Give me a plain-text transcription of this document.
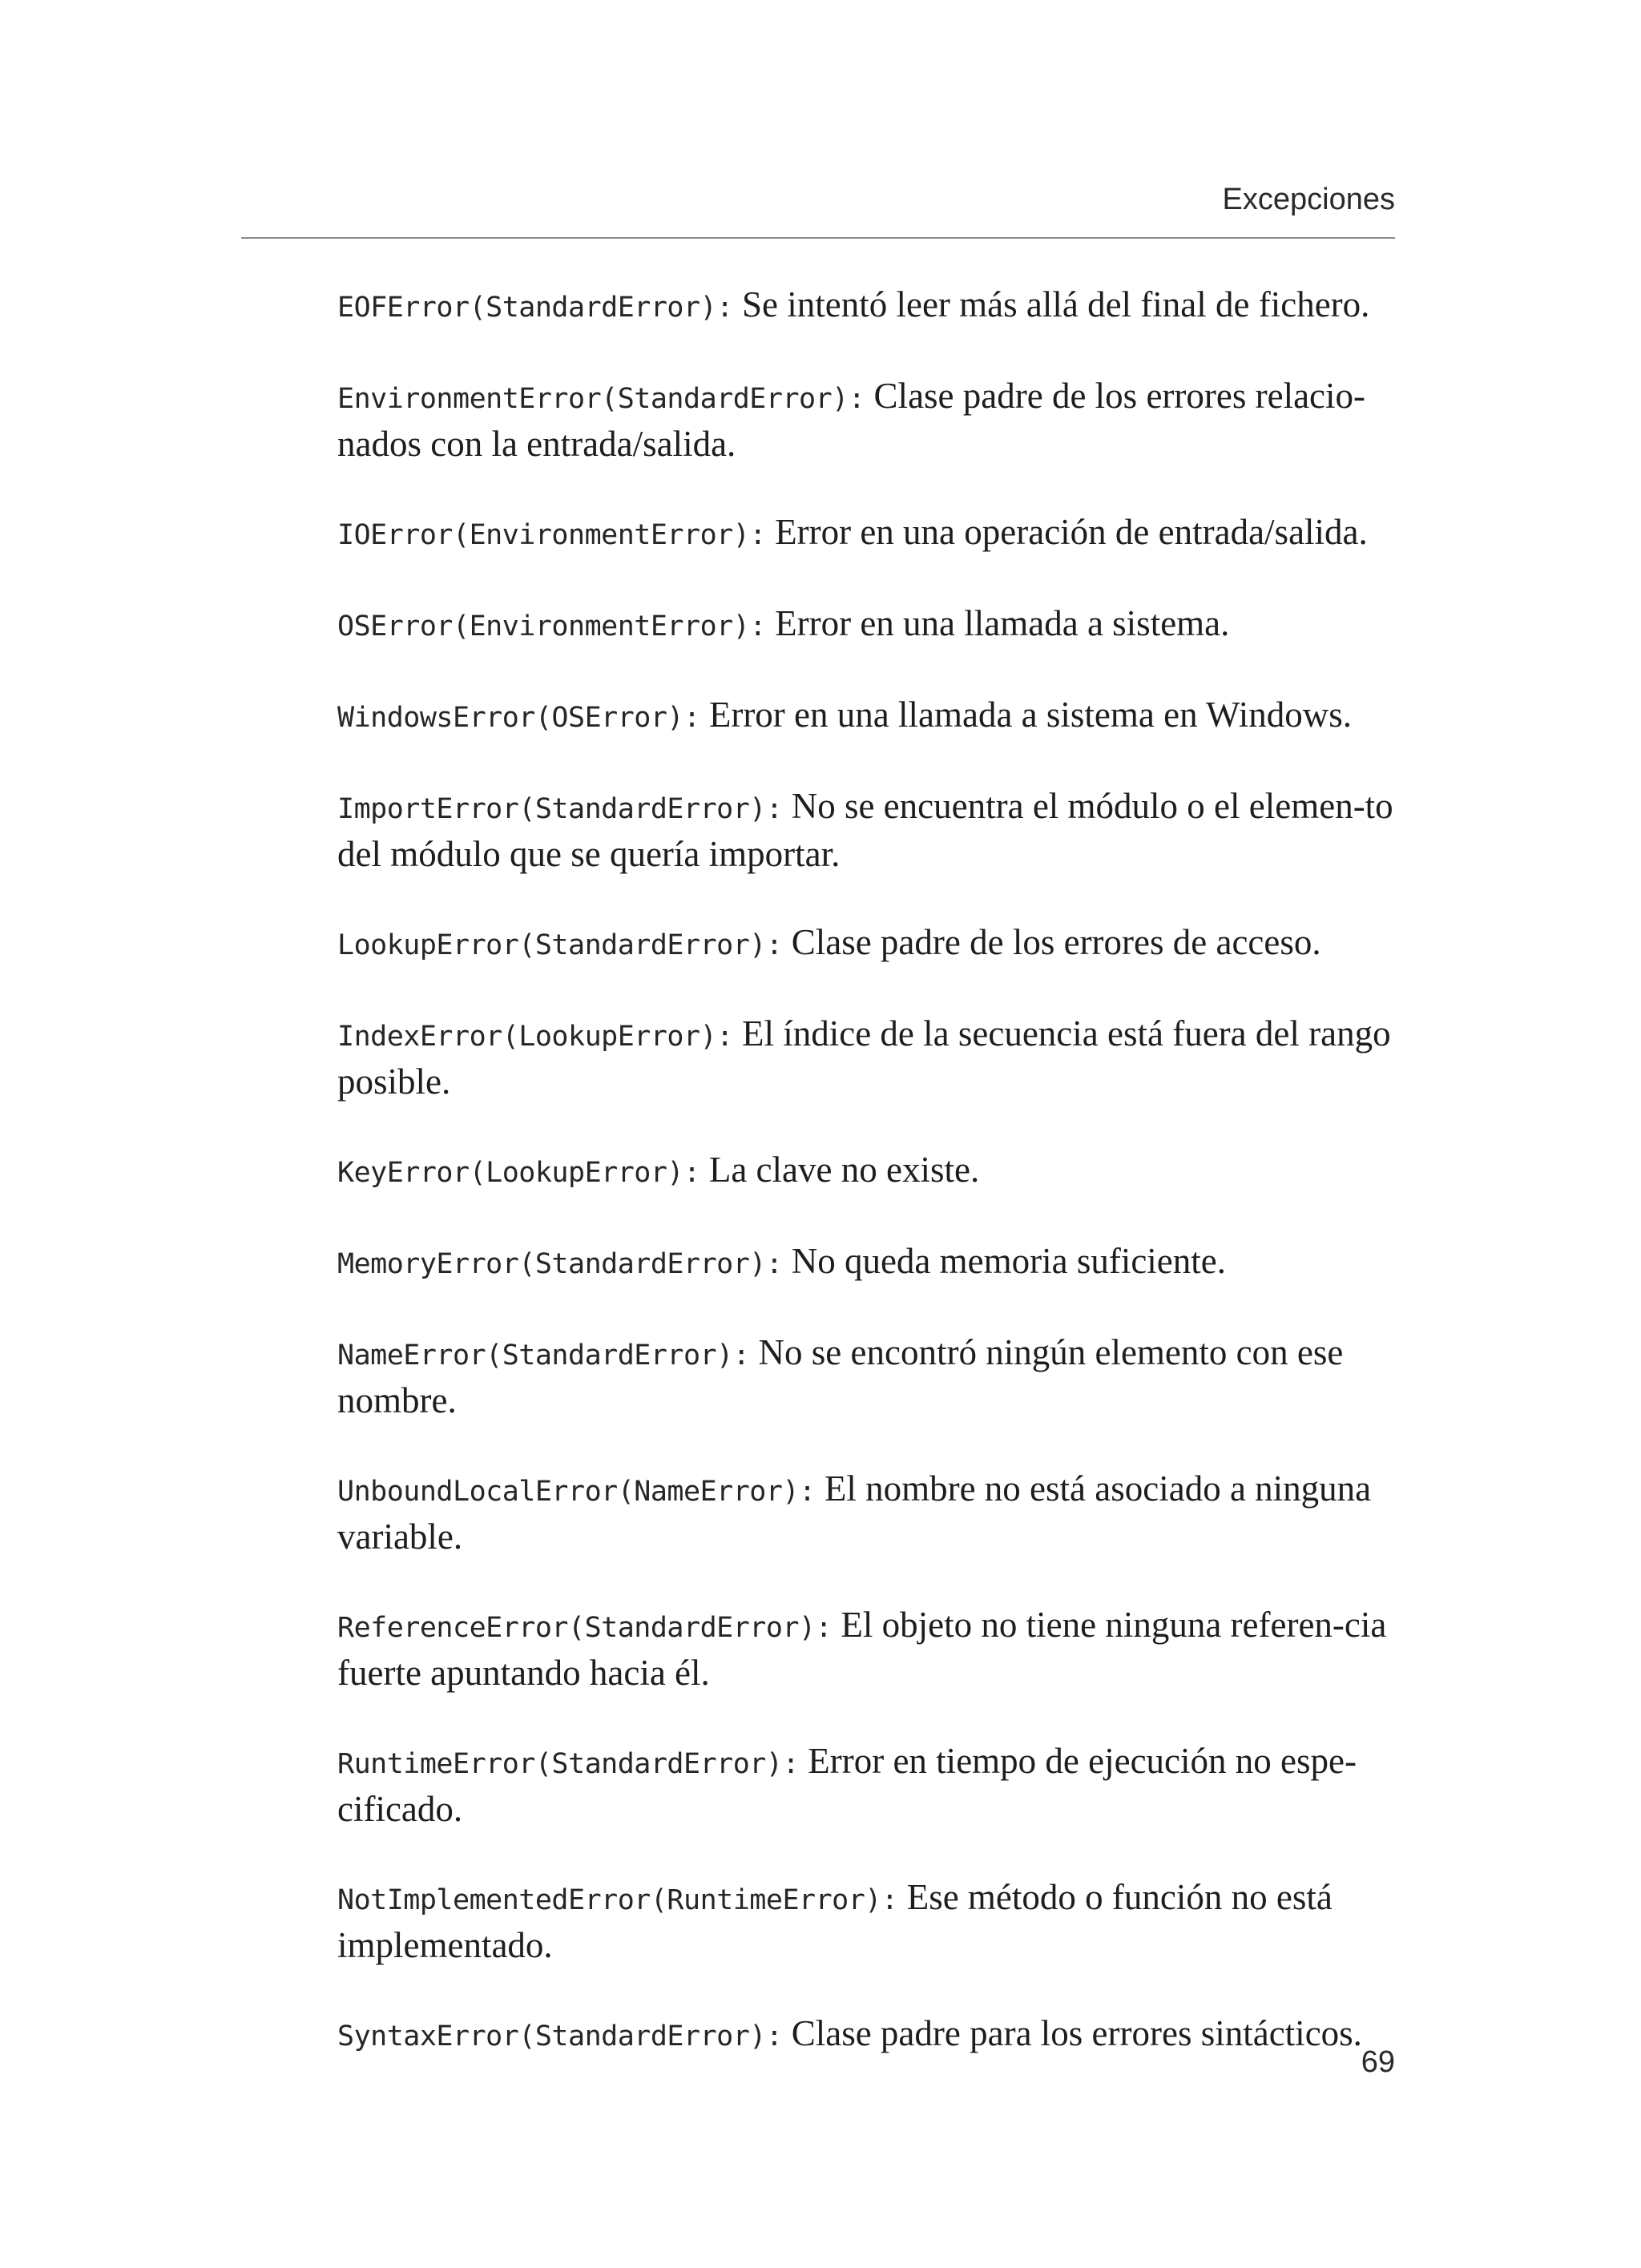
Excepciones

EOFError(StandardError): Se intentó leer más allá del final de fichero.

EnvironmentError(StandardError): Clase padre de los errores relacio-nados con la entrada/salida.

IOError(EnvironmentError): Error en una operación de entrada/salida.

OSError(EnvironmentError): Error en una llamada a sistema.

WindowsError(OSError): Error en una llamada a sistema en Windows.

ImportError(StandardError): No se encuentra el módulo o el elemen-to del módulo que se quería importar.

LookupError(StandardError): Clase padre de los errores de acceso.

IndexError(LookupError): El índice de la secuencia está fuera del rango posible.

KeyError(LookupError): La clave no existe.

MemoryError(StandardError): No queda memoria suficiente.

NameError(StandardError): No se encontró ningún elemento con ese nombre.

UnboundLocalError(NameError): El nombre no está asociado a ninguna variable.

ReferenceError(StandardError): El objeto no tiene ninguna referen-cia fuerte apuntando hacia él.

RuntimeError(StandardError): Error en tiempo de ejecución no espe-cificado.

NotImplementedError(RuntimeError): Ese método o función no está implementado.

SyntaxError(StandardError): Clase padre para los errores sintácticos.

69
